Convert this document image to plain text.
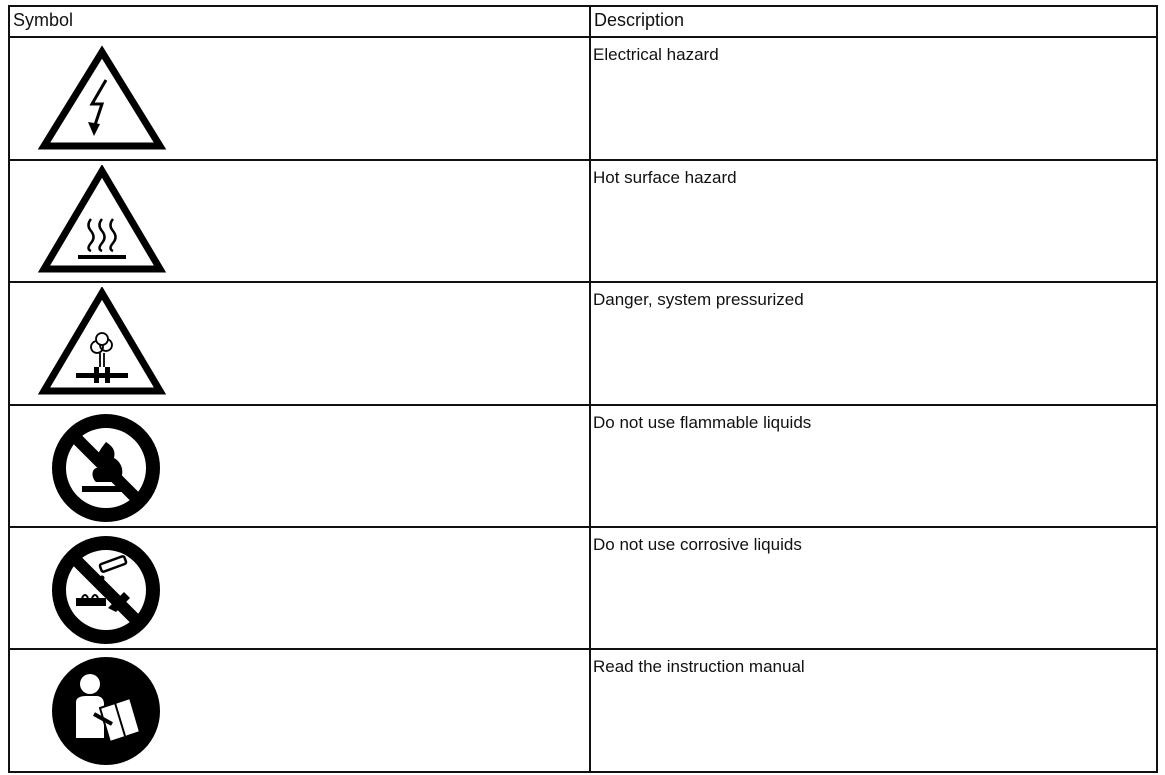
Symbol	Description

	Electrical hazard

	Hot surface hazard

	Danger, system pressurized

	Do not use flammable liquids

	Do not use corrosive liquids

	Read the instruction manual
